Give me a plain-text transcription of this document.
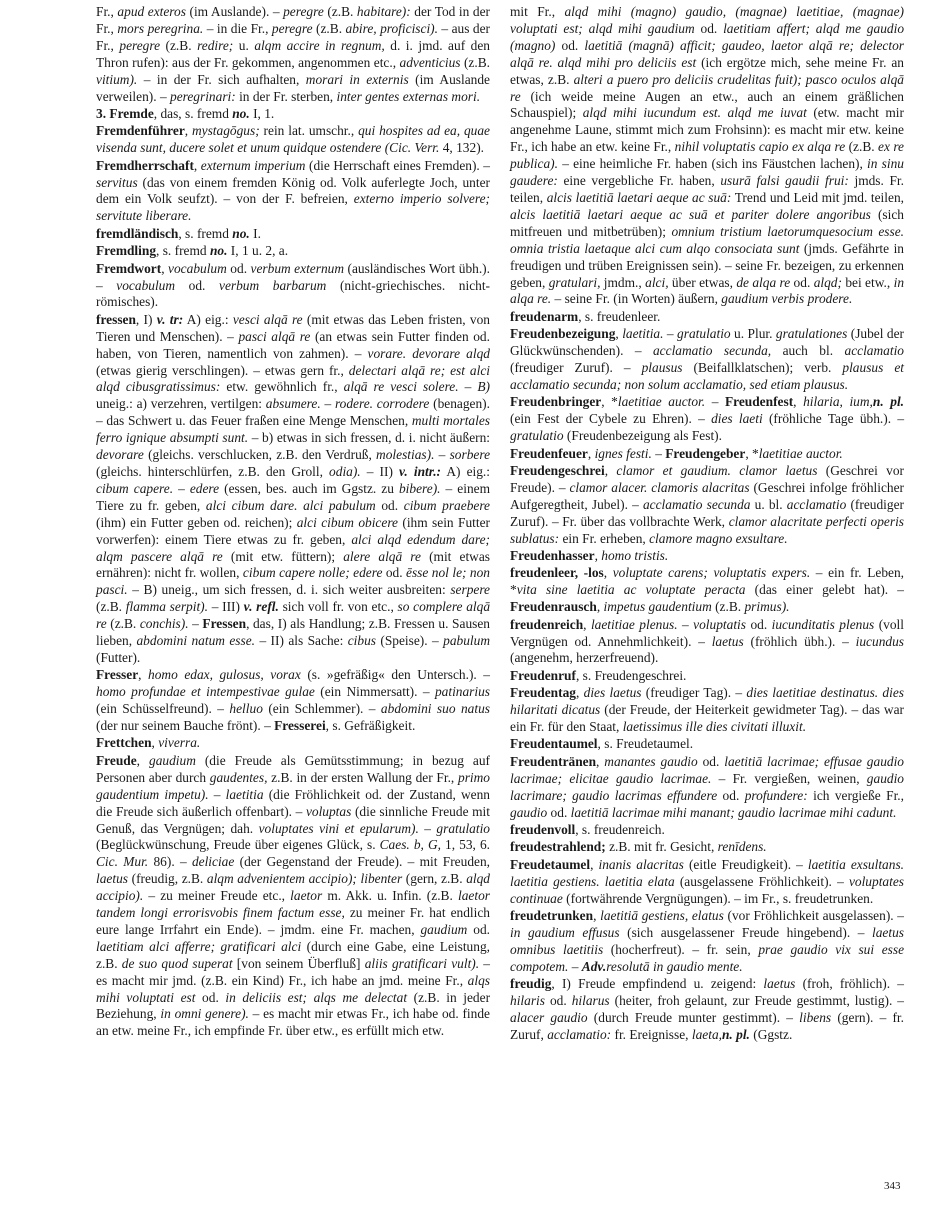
Fr., apud exteros (im Auslande). – peregre (z.B. habitare): der Tod in der Fr., mors peregrina. – in die Fr., peregre (z.B. abire, proficisci). – aus der Fr., peregre (z.B. redire; u. alqm accire in regnum, d. i. jmd. auf den Thron rufen): aus der Fr. gekommen, angenommen etc., adventicius (z.B. vitium). – in der Fr. sich aufhalten, morari in externis (im Auslande verweilen). – peregrinari: in der Fr. sterben, inter gentes externas mori.

3. Fremde, das, s. fremd no. I, 1.

Fremdenführer, mystagōgus; rein lat. umschr., qui hospites ad ea, quae visenda sunt, ducere solet et unum quidque ostendere (Cic. Verr. 4, 132).

Fremdherrschaft, externum imperium (die Herrschaft eines Fremden). – servitus (das von einem fremden König od. Volk auferlegte Joch, unter dem ein Volk seufzt). – von der F. befreien, externo imperio solvere; servitute liberare.

fremdländisch, s. fremd no. I.

Fremdling, s. fremd no. I, 1 u. 2, a.

Fremdwort, vocabulum od. verbum externum (ausländisches Wort übh.). – vocabulum od. verbum barbarum (nicht-griechisches. nicht-römisches).

fressen, I) v. tr: A) eig.: vesci alqā re (mit etwas das Leben fristen, von Tieren und Menschen). – pasci alqā re (an etwas sein Futter finden od. haben, von Tieren, namentlich von zahmen). – vorare. devorare alqd (etwas gierig verschlingen). – etwas gern fr., delectari alqā re; est alci alqd cibusgratissimus: etw. gewöhnlich fr., alqā re vesci solere. – B) uneig.: a) verzehren, vertilgen: absumere. – rodere. corrodere (benagen). – das Schwert u. das Feuer fraßen eine Menge Menschen, multi mortales ferro ignique absumpti sunt. – b) etwas in sich fressen, d. i. nicht äußern: devorare (gleichs. verschlucken, z.B. den Verdruß, molestias). – sorbere (gleichs. hinterschlürfen, z.B. den Groll, odia). – II) v. intr.: A) eig.: cibum capere. – edere (essen, bes. auch im Ggstz. zu bibere). – einem Tiere zu fr. geben, alci cibum dare. alci pabulum od. cibum praebere (ihm) ein Futter geben od. reichen); alci cibum obicere (ihm sein Futter vorwerfen): einem Tiere etwas zu fr. geben, alci alqd edendum dare; alqm pascere alqā re (mit etw. füttern); alere alqā re (mit etwas ernähren): nicht fr. wollen, cibum capere nolle; edere od. ēsse nol le; non pasci. – B) uneig., um sich fressen, d. i. sich weiter ausbreiten: serpere (z.B. flamma serpit). – III) v. refl. sich voll fr. von etc., so complere alqā re (z.B. conchis). – Fressen, das, I) als Handlung; z.B. Fressen u. Sausen lieben, abdomini natum esse. – II) als Sache: cibus (Speise). – pabulum (Futter).

Fresser, homo edax, gulosus, vorax (s. »gefräßig« den Untersch.). – homo profundae et intempestivae gulae (ein Nimmersatt). – patinarius (ein Schüsselfreund). – helluo (ein Schlemmer). – abdomini suo natus (der nur seinem Bauche frönt). – Fresserei, s. Gefräßigkeit.

Frettchen, viverra.

Freude, gaudium (die Freude als Gemütsstimmung; in bezug auf Personen aber durch gaudentes, z.B. in der ersten Wallung der Fr., primo gaudentium impetu). – laetitia (die Fröhlichkeit od. der Zustand, wenn die Freude sich äußerlich offenbart). – voluptas (die sinnliche Freude mit Genuß, das Vergnügen; dah. voluptates vini et epularum). – gratulatio (Beglückwünschung, Freude über eigenes Glück, s. Caes. b, G, 1, 53, 6. Cic. Mur. 86). – deliciae (der Gegenstand der Freude). – mit Freuden, laetus (freudig, z.B. alqm advenientem accipio); libenter (gern, z.B. alqd accipio). – zu meiner Freude etc., laetor m. Akk. u. Infin. (z.B. laetor tandem longi errorisvobis finem factum esse, zu meiner Fr. hat endlich eure lange Irrfahrt ein Ende). – jmdm. eine Fr. machen, gaudium od. laetitiam alci afferre; gratificari alci (durch eine Gabe, eine Leistung, z.B. de suo quod superat [von seinem Überfluß] aliis gratificari vult). – es macht mir jmd. (z.B. ein Kind) Fr., ich habe an jmd. meine Fr., alqs mihi voluptati est od. in deliciis est; alqs me delectat (z.B. in jeder Beziehung, in omni genere). – es macht mir etwas Fr., ich habe od. finde an etw. meine Fr., ich empfinde Fr. über etw., es erfüllt mich etw.

mit Fr., alqd mihi (magno) gaudio, (magnae) laetitiae, (magnae) voluptati est; alqd mihi gaudium od. laetitiam affert; alqd me gaudio (magno) od. laetitiā (magnā) afficit; gaudeo, laetor alqā re; delector alqā re. alqd mihi pro deliciis est (ich ergötze mich, sehe meine Fr. an etwas, z.B. alteri a puero pro deliciis crudelitas fuit); pasco oculos alqā re (ich weide meine Augen an etw., auch an einem gräßlichen Schauspiel); alqd mihi iucundum est. alqd me iuvat (etw. macht mir angenehme Laune, stimmt mich zum Frohsinn): es macht mir etw. keine Fr., ich habe an etw. keine Fr., nihil voluptatis capio ex alqa re (z.B. ex re publica). – eine heimliche Fr. haben (sich ins Fäustchen lachen), in sinu gaudere: eine vergebliche Fr. haben, usurā falsi gaudii frui: jmds. Fr. teilen, alcis laetitiā laetari aeque ac suā: Trend und Leid mit jmd. teilen, alcis laetitiā laetari aeque ac suā et pariter dolere angoribus (sich mitfreuen und mitbetrüben); omnium tristium laetorumquesocium esse. omnia tristia laetaque alci cum alqo consociata sunt (jmds. Gefährte in freudigen und trüben Ereignissen sein). – seine Fr. bezeigen, zu erkennen geben, gratulari, jmdm., alci, über etwas, de alqa re od. alqd; bei etw., in alqa re. – seine Fr. (in Worten) äußern, gaudium verbis prodere.

freudenarm, s. freudenleer.

Freudenbezeigung, laetitia. – gratulatio u. Plur. gratulationes (Jubel der Glückwünschenden). – acclamatio secunda, auch bl. acclamatio (freudiger Zuruf). – plausus (Beifallklatschen); verb. plausus et acclamatio secunda; non solum acclamatio, sed etiam plausus.

Freudenbringer, *laetitiae auctor. – Freudenfest, hilaria, ium,n. pl. (ein Fest der Cybele zu Ehren). – dies laeti (fröhliche Tage übh.). – gratulatio (Freudenbezeigung als Fest).

Freudenfeuer, ignes festi. – Freudengeber, *laetitiae auctor.

Freudengeschrei, clamor et gaudium. clamor laetus (Geschrei vor Freude). – clamor alacer. clamoris alacritas (Geschrei infolge fröhlicher Aufgeregtheit, Jubel). – acclamatio secunda u. bl. acclamatio (freudiger Zuruf). – Fr. über das vollbrachte Werk, clamor alacritate perfecti operis sublatus: ein Fr. erheben, clamore magno exsultare.

Freudenhasser, homo tristis.

freudenleer, -los, voluptate carens; voluptatis expers. – ein fr. Leben, *vita sine laetitia ac voluptate peracta (das einer gelebt hat). – Freudenrausch, impetus gaudentium (z.B. primus).

freudenreich, laetitiae plenus. – voluptatis od. iucunditatis plenus (voll Vergnügen od. Annehmlichkeit). – laetus (fröhlich übh.). – iucundus (angenehm, herzerfreuend).

Freudenruf, s. Freudengeschrei.

Freudentag, dies laetus (freudiger Tag). – dies laetitiae destinatus. dies hilaritati dicatus (der Freude, der Heiterkeit gewidmeter Tag). – das war ein Fr. für den Staat, laetissimus ille dies civitati illuxit.

Freudentaumel, s. Freudetaumel.

Freudentränen, manantes gaudio od. laetitiā lacrimae; effusae gaudio lacrimae; elicitae gaudio lacrimae. – Fr. vergießen, weinen, gaudio lacrimare; gaudio lacrimas effundere od. profundere: ich vergieße Fr., gaudio od. laetitiā lacrimae mihi manant; gaudio lacrimae mihi cadunt.

freudenvoll, s. freudenreich.

freudestrahlend; z.B. mit fr. Gesicht, renīdens.

Freudetaumel, inanis alacritas (eitle Freudigkeit). – laetitia exsultans. laetitia gestiens. laetitia elata (ausgelassene Fröhlichkeit). – voluptates continuae (fortwährende Vergnügungen). – im Fr., s. freudetrunken.

freudetrunken, laetitiā gestiens, elatus (vor Fröhlichkeit ausgelassen). – in gaudium effusus (sich ausgelassener Freude hingebend). – laetus omnibus laetitiis (hocherfreut). – fr. sein, prae gaudio vix sui esse compotem. – Adv.resolutā in gaudio mente.

freudig, I) Freude empfindend u. zeigend: laetus (froh, fröhlich). – hilaris od. hilarus (heiter, froh gelaunt, zur Freude gestimmt, lustig). – alacer gaudio (durch Freude munter gestimmt). – libens (gern). – fr. Zuruf, acclamatio: fr. Ereignisse, laeta,n. pl. (Ggstz.

343
